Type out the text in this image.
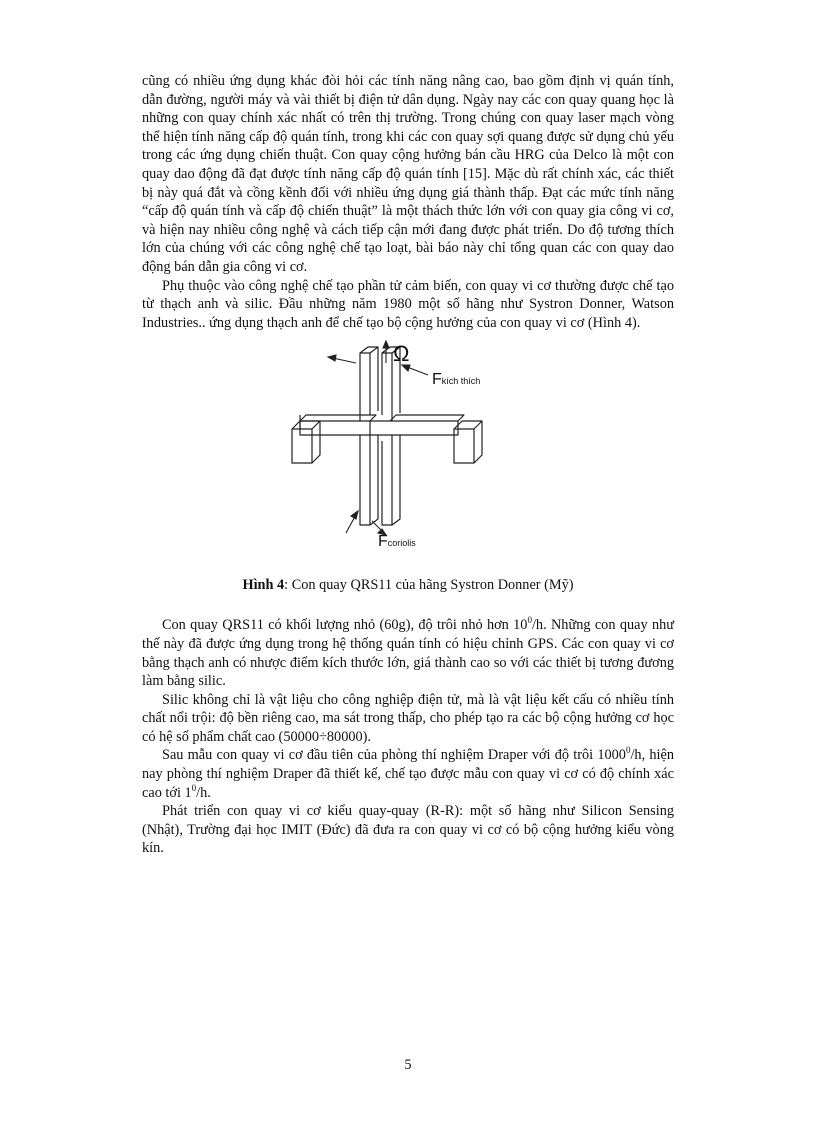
cũng có nhiều ứng dụng khác đòi hỏi các tính năng nâng cao, bao gồm định vị quán tính, dẫn đường, người máy và vài thiết bị điện tử dân dụng. Ngày nay các con quay quang học là những con quay chính xác nhất có trên thị trường. Trong chúng con quay laser mạch vòng thể hiện tính năng cấp độ quán tính, trong khi các con quay sợi quang được sử dụng chủ yếu trong các ứng dụng chiến thuật. Con quay cộng hưởng bán cầu HRG của Delco là một con quay dao động đã đạt được tính năng cấp độ quán tính [15]. Mặc dù rất chính xác, các thiết bị này quá đắt và cồng kềnh đối với nhiều ứng dụng giá thành thấp. Đạt các mức tính năng “cấp độ quán tính và cấp độ chiến thuật” là một thách thức lớn với con quay gia công vi cơ, và hiện nay nhiều công nghệ và cách tiếp cận mới đang được phát triển. Do độ tương thích lớn của chúng với các công nghệ chế tạo loạt, bài báo này chỉ tổng quan các con quay dao động bán dẫn gia công vi cơ.

Phụ thuộc vào công nghệ chế tạo phần tử cảm biến, con quay vi cơ thường được chế tạo từ thạch anh và silic. Đầu những năm 1980 một số hãng như Systron Donner, Watson Industries.. ứng dụng thạch anh để chế tạo bộ cộng hưởng của con quay vi cơ (Hình 4).

Ω
Fkích thích
Fcoriolis
Hình 4: Con quay QRS11 của hãng Systron Donner (Mỹ)

Con quay QRS11 có khối lượng nhỏ (60g), độ trôi nhỏ hơn $10^0/h$. Những con quay như thế này đã được ứng dụng trong hệ thống quán tính có hiệu chỉnh GPS. Các con quay vi cơ bằng thạch anh có nhược điểm kích thước lớn, giá thành cao so với các thiết bị tương đương làm bằng silic.

Silic không chỉ là vật liệu cho công nghiệp điện tử, mà là vật liệu kết cấu có nhiều tính chất nổi trội: độ bền riêng cao, ma sát trong thấp, cho phép tạo ra các bộ cộng hưởng cơ học có hệ số phẩm chất cao (50000÷80000).

Sau mẫu con quay vi cơ đầu tiên của phòng thí nghiệm Draper với độ trôi 1000$^0$/h, hiện nay phòng thí nghiệm Draper đã thiết kế, chế tạo được mẫu con quay vi cơ có độ chính xác cao tới $1^0/h$.

Phát triển con quay vi cơ kiểu quay-quay (R-R): một số hãng như Silicon Sensing (Nhật), Trường đại học IMIT (Đức) đã đưa ra con quay vi cơ có bộ cộng hưởng kiểu vòng kín.

5
